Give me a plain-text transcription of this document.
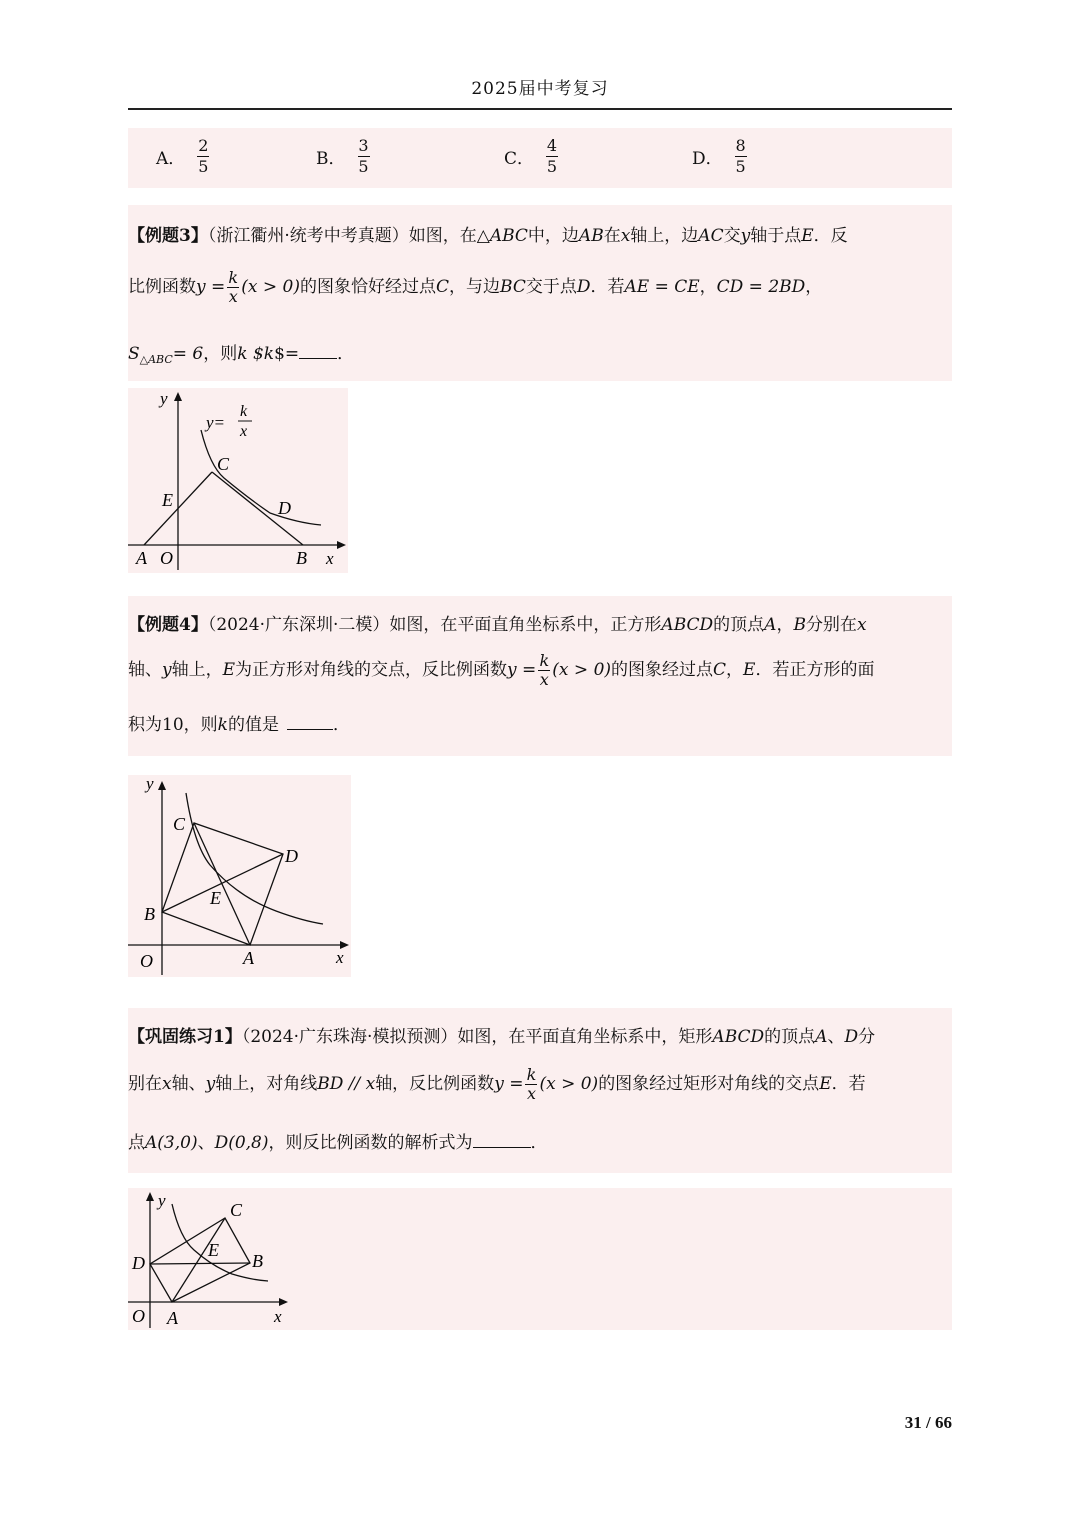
2025届中考复习
A． $\frac{2}{5}$	B． $\frac{3}{5}$	C． $\frac{4}{5}$	D． $\frac{8}{5}$
【例题3】（浙江衢州·统考中考真题）如图，在△ABC中，边AB在x轴上，边AC交y轴于点E．反
比例函数$y = \frac{k}{x} (x > 0)$的图象恰好经过点C，与边BC交于点D．若AE = CE，CD = 2BD，
$S_{\triangle ABC}= 6$，则k $k$= ．
y
y=
k
x
C
E	D
A O	B x
【例题4】（2024·广东深圳·二模）如图，在平面直角坐标系中，正方形ABCD的顶点A，B分别在x
轴、y轴上，E为正方形对角线的交点，反比例函数$y = \frac{k}{x} (x > 0)$的图象经过点C，E．若正方形的面
积为10，则k的值是	．
y
C
D
B
E
O	A	x
【巩固练习1】（2024·广东珠海·模拟预测）如图，在平面直角坐标系中，矩形ABCD的顶点A、D分
别在x轴、y轴上，对角线BD // x轴，反比例函数$y = \frac{k}{x} (x > 0)$的图象经过矩形对角线的交点E．若
点A(3,0)、D(0,8)，则反比例函数的解析式为	．
y	C
D
E
B
O A	x
31 / 66
